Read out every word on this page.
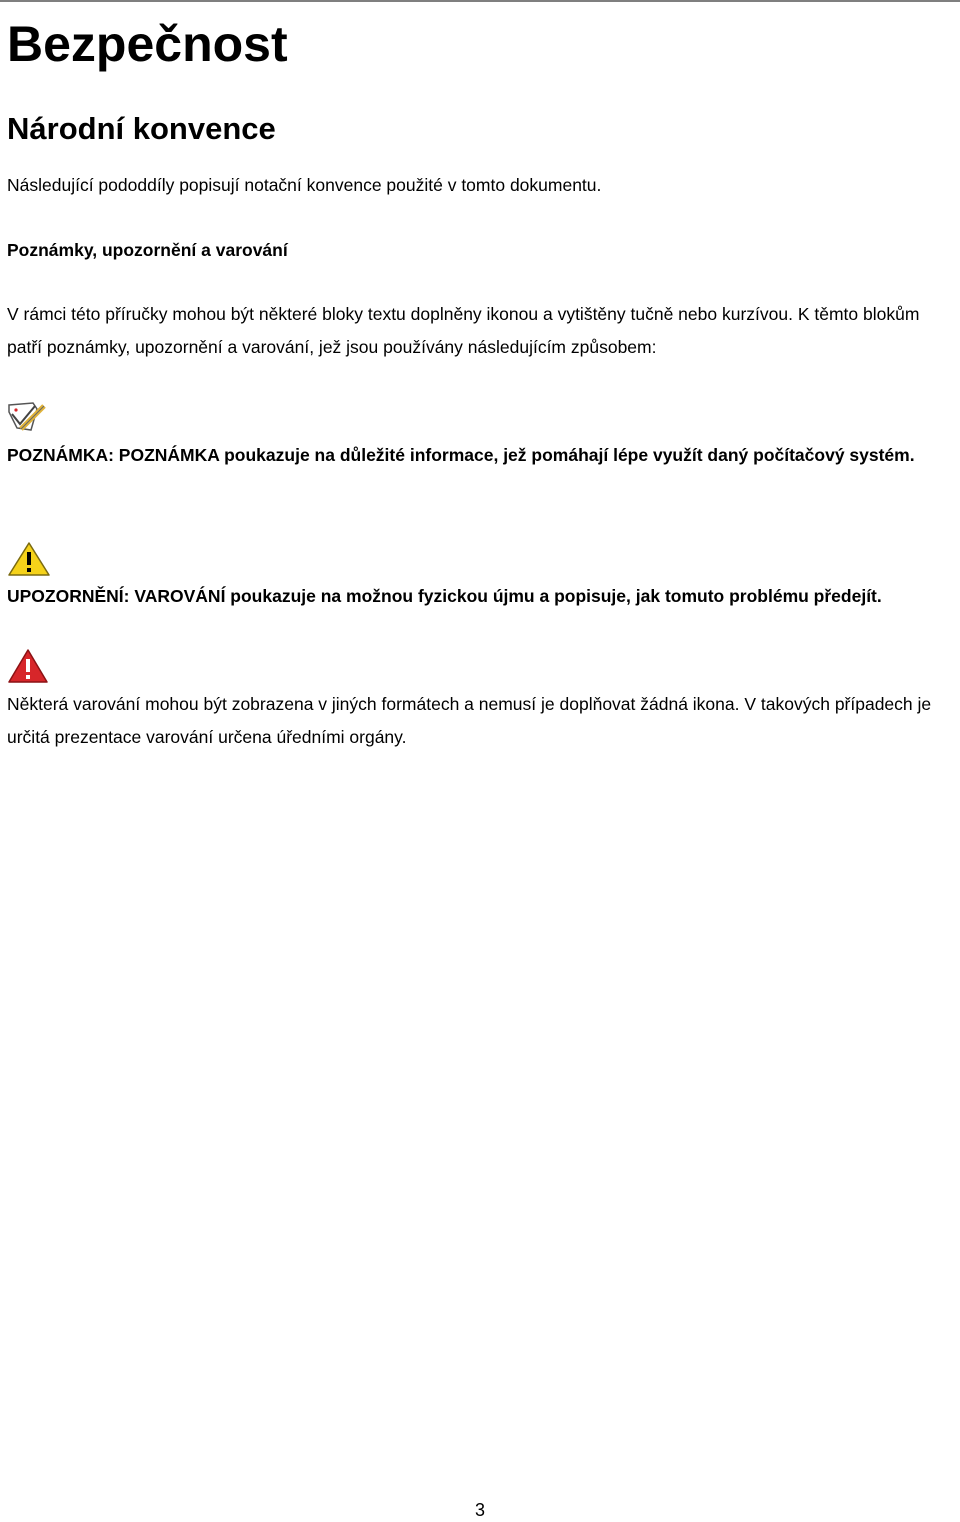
Bezpečnost
Národní konvence

Následující pododdíly popisují notační konvence použité v tomto dokumentu.

Poznámky, upozornění a varování

V rámci této příručky mohou být některé bloky textu doplněny ikonou a vytištěny tučně nebo kurzívou. K těmto blokům patří poznámky, upozornění a varování, jež jsou používány následujícím způsobem:

POZNÁMKA: POZNÁMKA poukazuje na důležité informace, jež pomáhají lépe využít daný počítačový systém.

UPOZORNĚNÍ: VAROVÁNÍ poukazuje na možnou fyzickou újmu a popisuje, jak tomuto problému předejít.

Některá varování mohou být zobrazena v jiných formátech a nemusí je doplňovat žádná ikona. V takových případech je určitá prezentace varování určena úředními orgány.

3
